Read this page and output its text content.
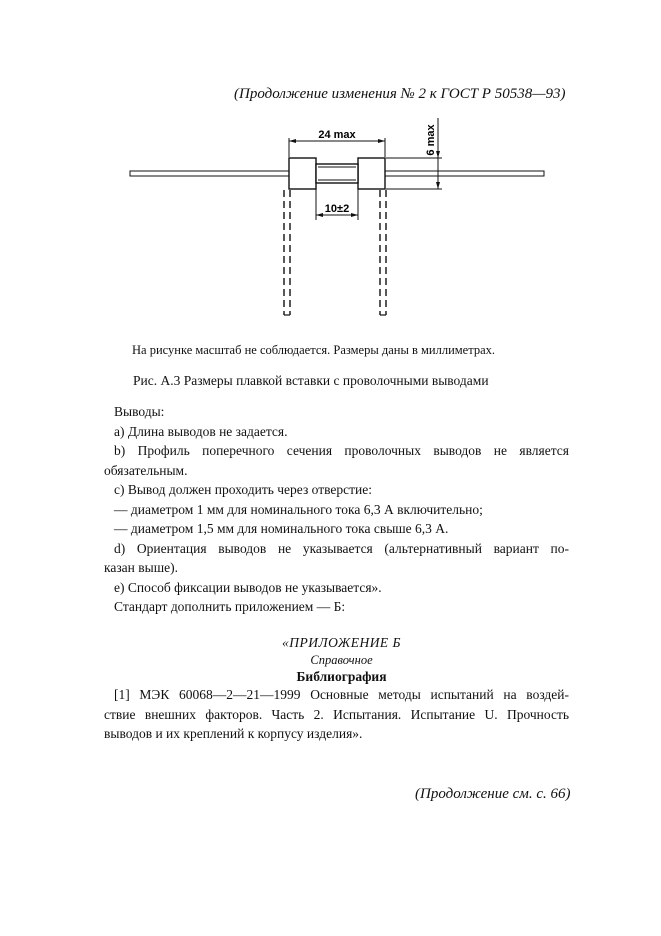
(Продолжение изменения № 2 к ГОСТ Р 50538—93)
24 max
10±2
6 max
На рисунке масштаб не соблюдается. Размеры даны в миллиметрах.
Рис. А.3 Размеры плавкой вставки с проволочными выводами
Выводы:
а) Длина выводов не задается.
b) Профиль поперечного сечения проволочных выводов не является
обязательным.
с) Вывод должен проходить через отверстие:
— диаметром 1 мм для номинального тока 6,3 А включительно;
— диаметром 1,5 мм для номинального тока свыше 6,3 А.
d) Ориентация выводов не указывается (альтернативный вариант по-
казан выше).
е) Способ фиксации выводов не указывается».
Стандарт дополнить приложением — Б:
«ПРИЛОЖЕНИЕ Б
Справочное
Библиография
[1] МЭК 60068—2—21—1999 Основные методы испытаний на воздей-
ствие внешних факторов. Часть 2. Испытания. Испытание U. Прочность
выводов и их креплений к корпусу изделия».
(Продолжение см. с. 66)
